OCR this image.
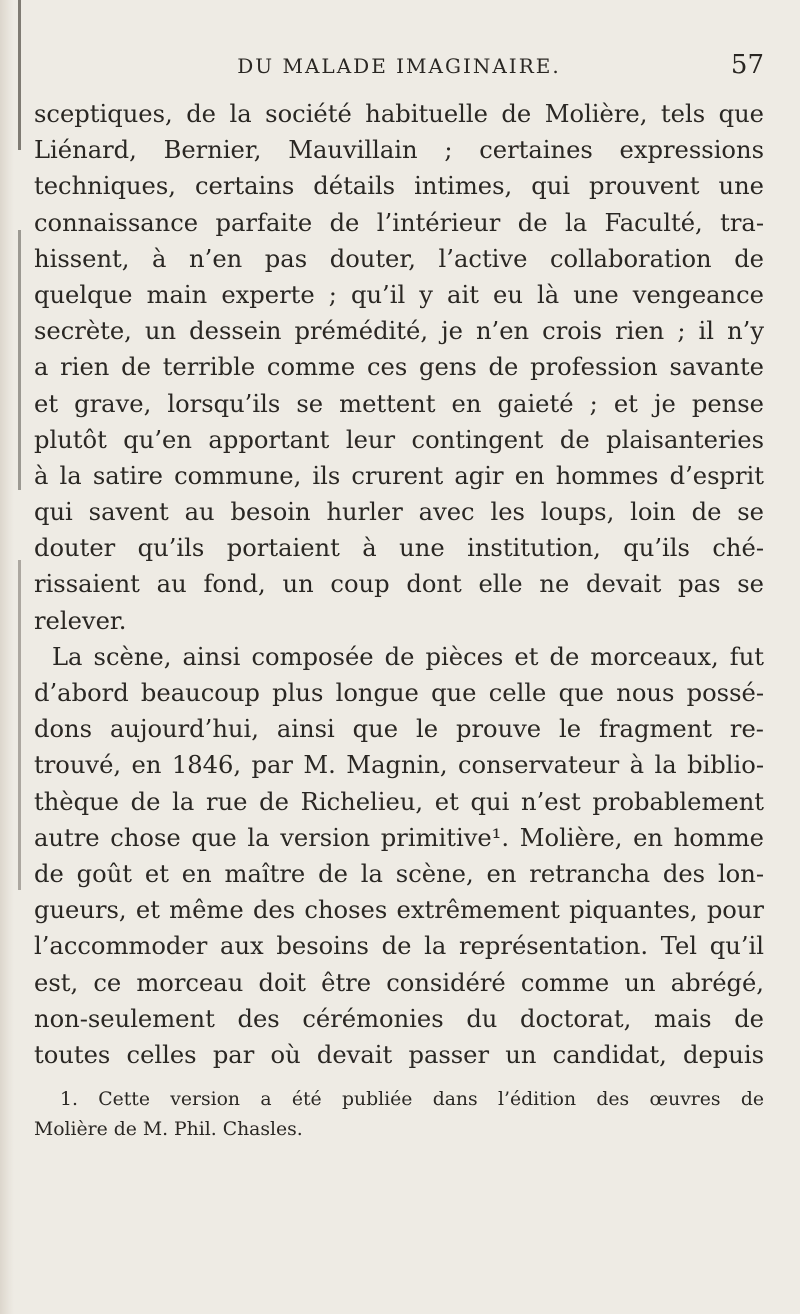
DU MALADE IMAGINAIRE.	57
sceptiques, de la société habituelle de Molière, tels que
Liénard, Bernier, Mauvillain ; certaines expressions
techniques, certains détails intimes, qui prouvent une
connaissance parfaite de l’intérieur de la Faculté, tra-
hissent, à n’en pas douter, l’active collaboration de
quelque main experte ; qu’il y ait eu là une vengeance
secrète, un dessein prémédité, je n’en crois rien ; il n’y
a rien de terrible comme ces gens de profession savante
et grave, lorsqu’ils se mettent en gaieté ; et je pense
plutôt qu’en apportant leur contingent de plaisanteries
à la satire commune, ils crurent agir en hommes d’esprit
qui savent au besoin hurler avec les loups, loin de se
douter qu’ils portaient à une institution, qu’ils ché-
rissaient au fond, un coup dont elle ne devait pas se
relever.
La scène, ainsi composée de pièces et de morceaux, fut
d’abord beaucoup plus longue que celle que nous possé-
dons aujourd’hui, ainsi que le prouve le fragment re-
trouvé, en 1846, par M. Magnin, conservateur à la biblio-
thèque de la rue de Richelieu, et qui n’est probablement
autre chose que la version primitive¹. Molière, en homme
de goût et en maître de la scène, en retrancha des lon-
gueurs, et même des choses extrêmement piquantes, pour
l’accommoder aux besoins de la représentation. Tel qu’il
est, ce morceau doit être considéré comme un abrégé,
non-seulement des cérémonies du doctorat, mais de
toutes celles par où devait passer un candidat, depuis
1. Cette version a été publiée dans l’édition des œuvres de
Molière de M. Phil. Chasles.
